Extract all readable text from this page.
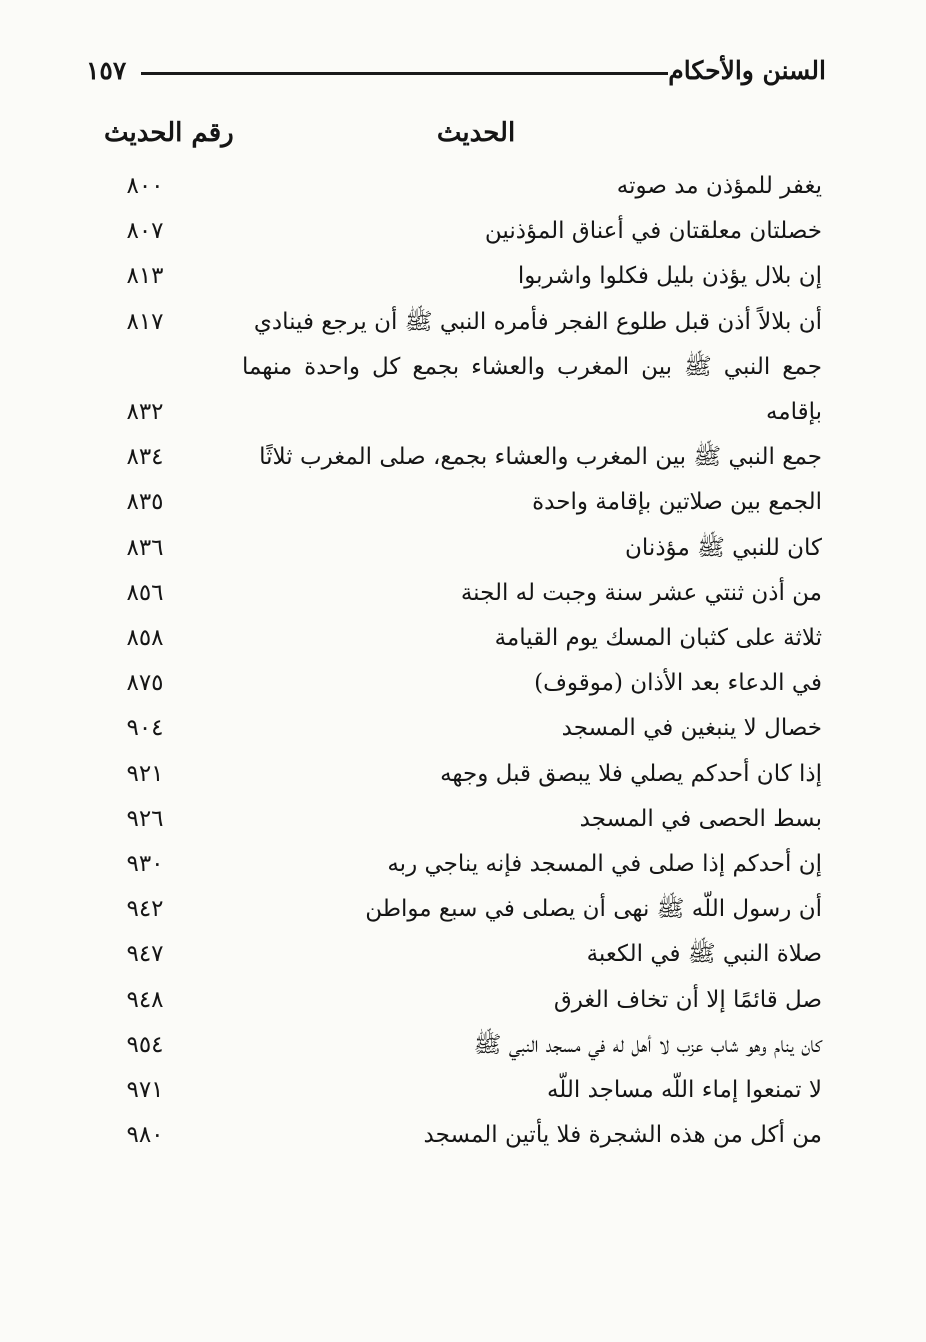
السنن والأحكام
١٥٧
الحديث
رقم الحديث
يغفر للمؤذن مد صوته
٨٠٠
خصلتان معلقتان في أعناق المؤذنين
٨٠٧
إن بلال يؤذن بليل فكلوا واشربوا
٨١٣
أن بلالاً أذن قبل طلوع الفجر فأمره النبي ﷺ أن يرجع فينادي
٨١٧
جمع النبي ﷺ بين المغرب والعشاء بجمع كل واحدة منهما بإقامه
٨٣٢
جمع النبي ﷺ بين المغرب والعشاء بجمع، صلى المغرب ثلاثًا
٨٣٤
الجمع بين صلاتين بإقامة واحدة
٨٣٥
كان للنبي ﷺ مؤذنان
٨٣٦
من أذن ثنتي عشر سنة وجبت له الجنة
٨٥٦
ثلاثة على كثبان المسك يوم القيامة
٨٥٨
في الدعاء بعد الأذان (موقوف)
٨٧٥
خصال لا ينبغين في المسجد
٩٠٤
إذا كان أحدكم يصلي فلا يبصق قبل وجهه
٩٢١
بسط الحصى في المسجد
٩٢٦
إن أحدكم إذا صلى في المسجد فإنه يناجي ربه
٩٣٠
أن رسول اللّه ﷺ نهى أن يصلى في سبع مواطن
٩٤٢
صلاة النبي ﷺ في الكعبة
٩٤٧
صل قائمًا إلا أن تخاف الغرق
٩٤٨
كان ينام وهو شاب عزب لا أهل له في مسجد النبي ﷺ
٩٥٤
لا تمنعوا إماء اللّه مساجد اللّه
٩٧١
من أكل من هذه الشجرة فلا يأتين المسجد
٩٨٠
